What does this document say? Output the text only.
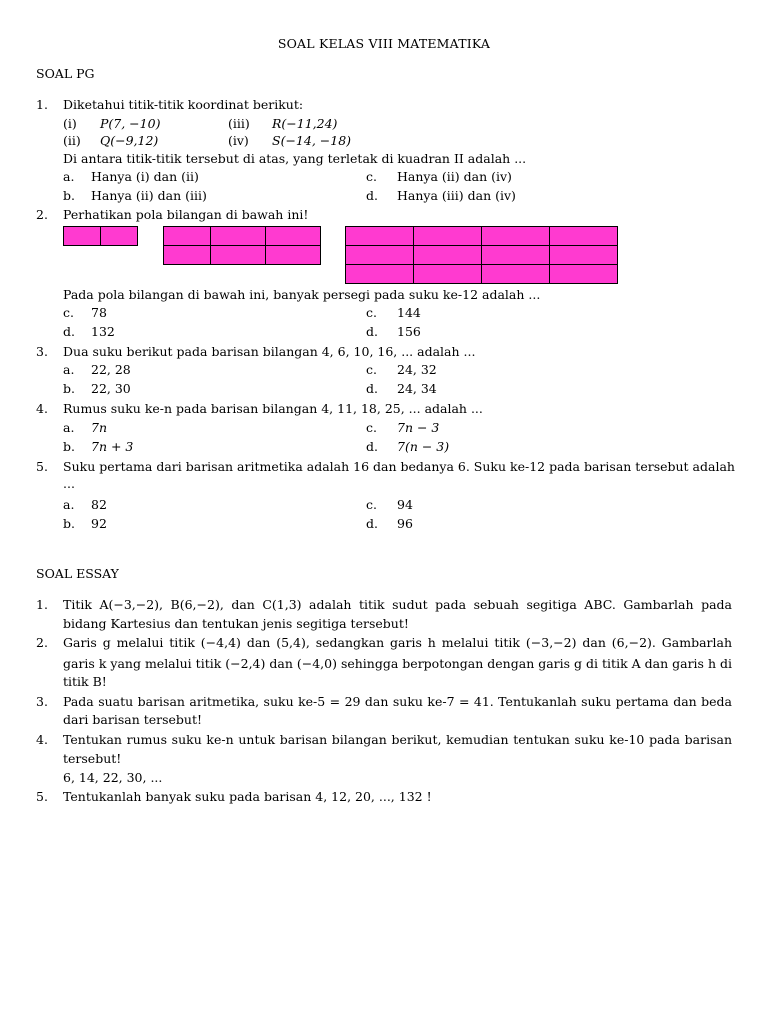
SOAL KELAS VIII MATEMATIKA
SOAL PG
1. Diketahui titik-titik koordinat berikut:
(i) P(7, −10)	(iii) R(−11,24)
(ii) Q(−9,12)	(iv) S(−14, −18)
Di antara titik-titik tersebut di atas, yang terletak di kuadran II adalah ...
a. Hanya (i) dan (ii)	c. Hanya (ii) dan (iv)
b. Hanya (ii) dan (iii)	d. Hanya (iii) dan (iv)
2. Perhatikan pola bilangan di bawah ini!

Pada pola bilangan di bawah ini, banyak persegi pada suku ke-12 adalah ...
c. 78	c. 144
d. 132	d. 156
3. Dua suku berikut pada barisan bilangan 4, 6, 10, 16, ... adalah ...
a. 22, 28	c. 24, 32
b. 22, 30	d. 24, 34
4. Rumus suku ke-n pada barisan bilangan 4, 11, 18, 25, ... adalah ...
a. 7n	c. 7n − 3
b. 7n + 3	d. 7(n − 3)
5. Suku pertama dari barisan aritmetika adalah 16 dan bedanya 6. Suku ke-12 pada barisan tersebut adalah
...
a. 82	c. 94
b. 92	d. 96
SOAL ESSAY
1. Titik A(−3,−2), B(6,−2), dan C(1,3) adalah titik sudut pada sebuah segitiga ABC. Gambarlah pada
bidang Kartesius dan tentukan jenis segitiga tersebut!
2. Garis g melalui titik (−4,4) dan (5,4), sedangkan garis h melalui titik (−3,−2) dan (6,−2). Gambarlah
garis k yang melalui titik (−2,4) dan (−4,0) sehingga berpotongan dengan garis g di titik A dan garis h di
titik B!
3. Pada suatu barisan aritmetika, suku ke-5 = 29 dan suku ke-7 = 41. Tentukanlah suku pertama dan beda
dari barisan tersebut!
4. Tentukan rumus suku ke-n untuk barisan bilangan berikut, kemudian tentukan suku ke-10 pada barisan
tersebut!
6, 14, 22, 30, ...
5. Tentukanlah banyak suku pada barisan 4, 12, 20, ..., 132 !
